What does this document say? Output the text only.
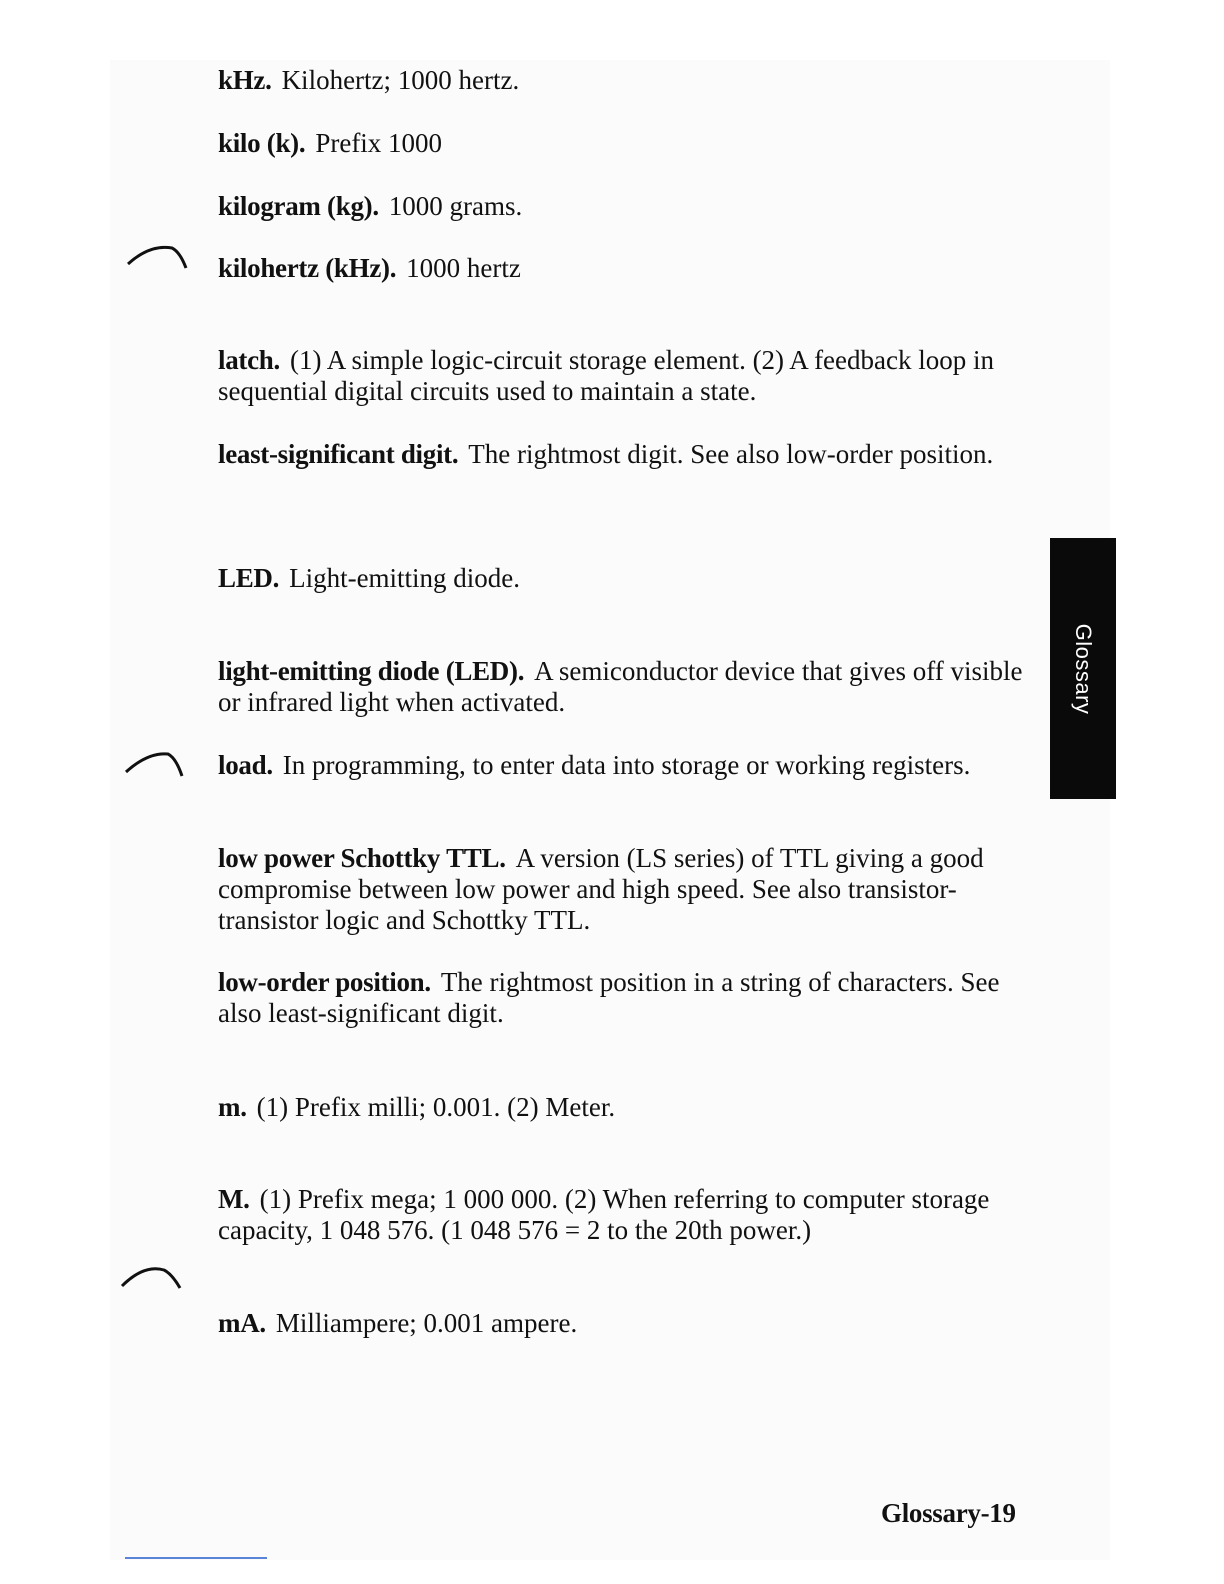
kHz. Kilohertz; 1000 hertz.

kilo (k). Prefix 1000

kilogram (kg). 1000 grams.

kilohertz (kHz). 1000 hertz

latch. (1) A simple logic-circuit storage element. (2) A feedback loop in sequential digital circuits used to maintain a state.

least-significant digit. The rightmost digit. See also low-order position.

LED. Light-emitting diode.

light-emitting diode (LED). A semiconductor device that gives off visible or infrared light when activated.

load. In programming, to enter data into storage or working registers.

low power Schottky TTL. A version (LS series) of TTL giving a good compromise between low power and high speed. See also transistor-transistor logic and Schottky TTL.

low-order position. The rightmost position in a string of characters. See also least-significant digit.

m. (1) Prefix milli; 0.001. (2) Meter.

M. (1) Prefix mega; 1 000 000. (2) When referring to computer storage capacity, 1 048 576. (1 048 576 = 2 to the 20th power.)

mA. Milliampere; 0.001 ampere.

Glossary
Glossary-19
